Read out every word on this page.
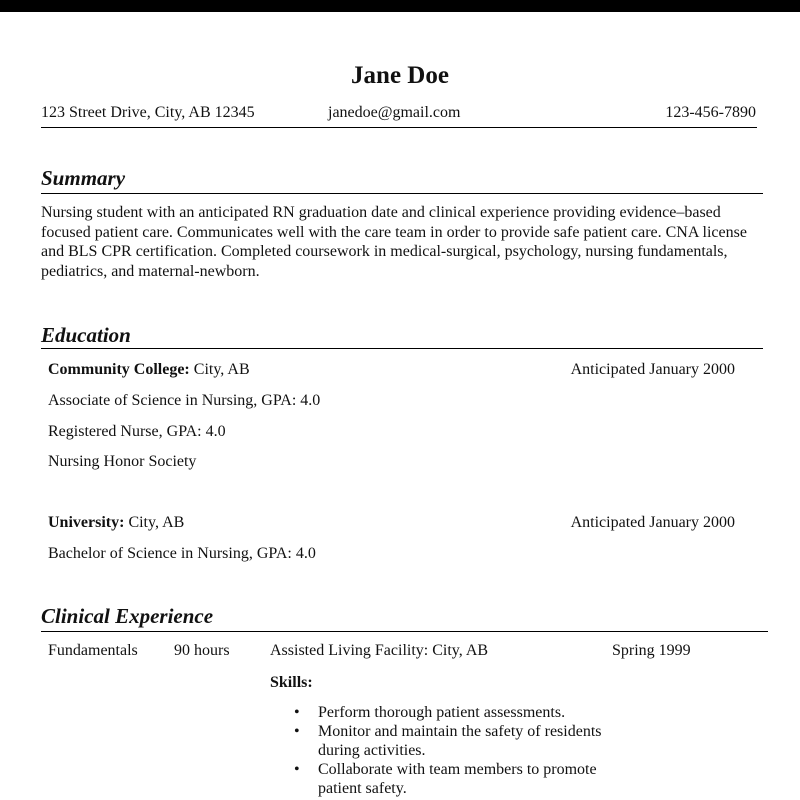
Jane Doe
123 Street Drive, City, AB 12345	janedoe@gmail.com	123-456-7890
Summary
Nursing student with an anticipated RN graduation date and clinical experience providing evidence–based focused patient care. Communicates well with the care team in order to provide safe patient care. CNA license and BLS CPR certification. Completed coursework in medical-surgical, psychology, nursing fundamentals, pediatrics, and maternal-newborn.
Education
Community College: City, AB	Anticipated January 2000
Associate of Science in Nursing, GPA: 4.0
Registered Nurse, GPA: 4.0
Nursing Honor Society
University: City, AB	Anticipated January 2000
Bachelor of Science in Nursing, GPA: 4.0
Clinical Experience
Fundamentals 90 hours	Assisted Living Facility: City, AB	Spring 1999
Skills:
• Perform thorough patient assessments.
• Monitor and maintain the safety of residents during activities.
• Collaborate with team members to promote patient safety.
